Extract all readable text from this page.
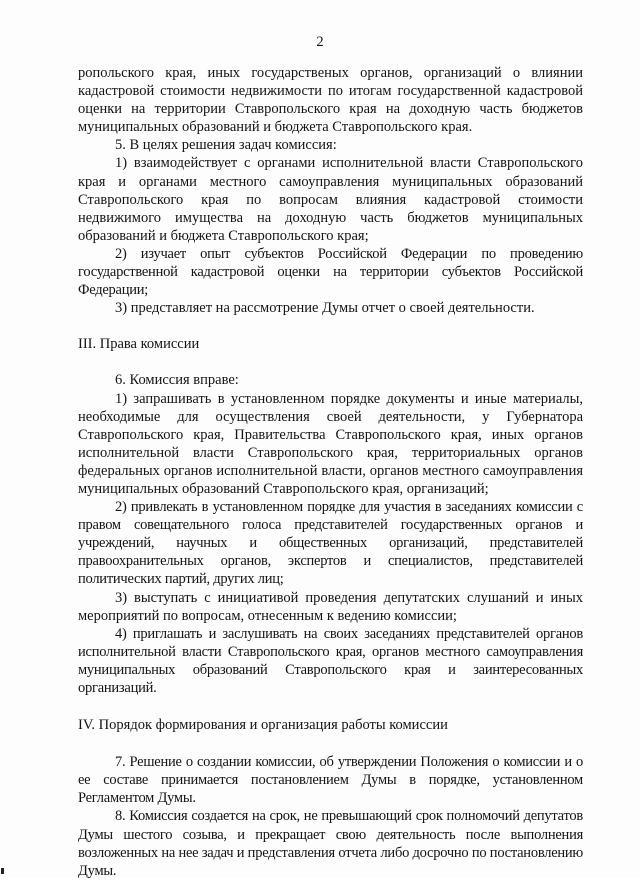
2

ропольского края, иных государственых органов, организаций о влиянии кадастровой стоимости недвижимости по итогам государственной кадастровой оценки на территории Ставропольского края на доходную часть бюджетов муниципальных образований и бюджета Ставропольского края.

5. В целях решения задач комиссия:

1) взаимодействует с органами исполнительной власти Ставропольского края и органами местного самоуправления муниципальных образований Ставропольского края по вопросам влияния кадастровой стоимости недвижимого имущества на доходную часть бюджетов муниципальных образований и бюджета Ставропольского края;

2) изучает опыт субъектов Российской Федерации по проведению государственной кадастровой оценки на территории субъектов Российской Федерации;

3) представляет на рассмотрение Думы отчет о своей деятельности.

III. Права комиссии

6. Комиссия вправе:

1) запрашивать в установленном порядке документы и иные материалы, необходимые для осуществления своей деятельности, у Губернатора Ставропольского края, Правительства Ставропольского края, иных органов исполнительной власти Ставропольского края, территориальных органов федеральных органов исполнительной власти, органов местного самоуправления муниципальных образований Ставропольского края, организаций;

2) привлекать в установленном порядке для участия в заседаниях комиссии с правом совещательного голоса представителей государственных органов и учреждений, научных и общественных организаций, представителей правоохранительных органов, экспертов и специалистов, представителей политических партий, других лиц;

3) выступать с инициативой проведения депутатских слушаний и иных мероприятий по вопросам, отнесенным к ведению комиссии;

4) приглашать и заслушивать на своих заседаниях представителей органов исполнительной власти Ставропольского края, органов местного самоуправления муниципальных образований Ставропольского края и заинтересованных организаций.

IV. Порядок формирования и организация работы комиссии

7. Решение о создании комиссии, об утверждении Положения о комиссии и о ее составе принимается постановлением Думы в порядке, установленном Регламентом Думы.

8. Комиссия создается на срок, не превышающий срок полномочий депутатов Думы шестого созыва, и прекращает свою деятельность после выполнения возложенных на нее задач и представления отчета либо досрочно по постановлению Думы.
